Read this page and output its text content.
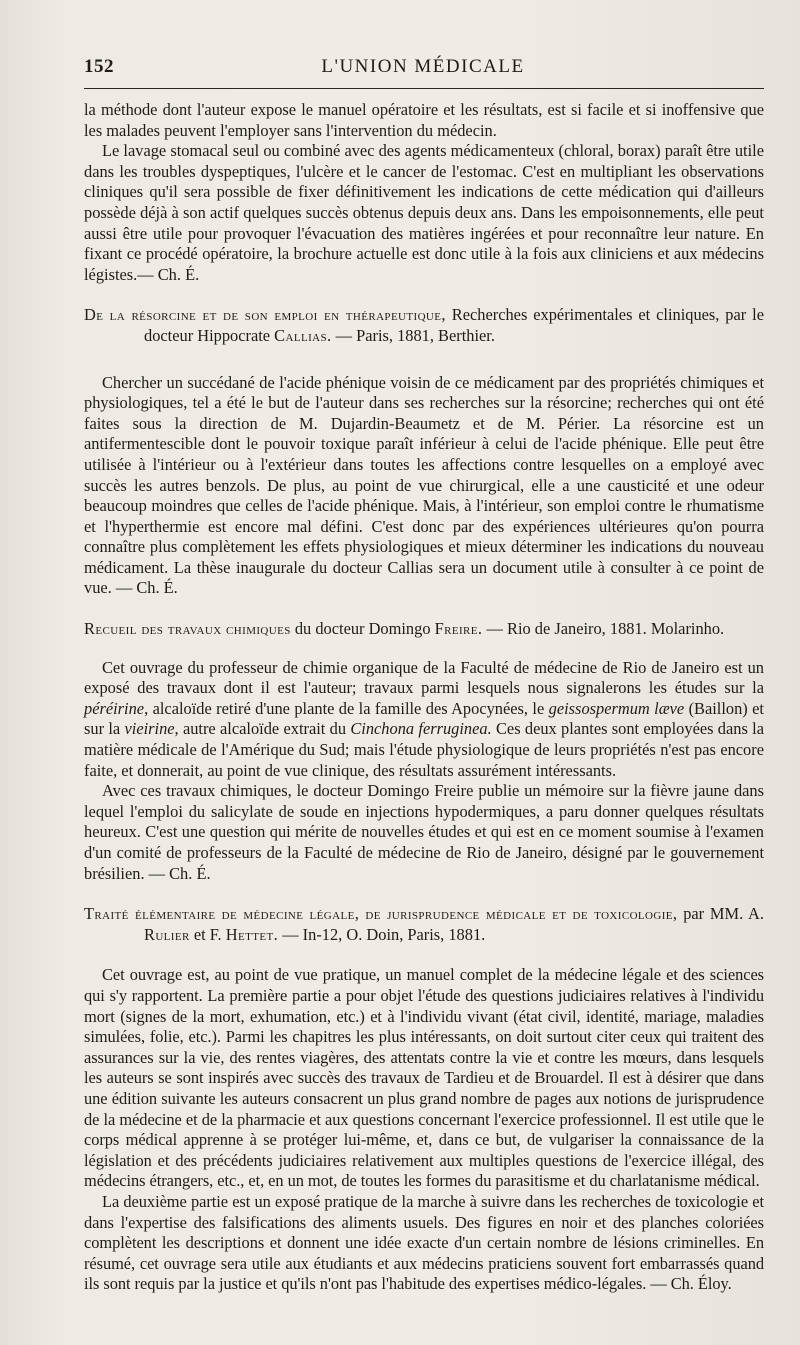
152	L'UNION MÉDICALE

la méthode dont l'auteur expose le manuel opératoire et les résultats, est si facile et si inoffensive que les malades peuvent l'employer sans l'intervention du médecin.

Le lavage stomacal seul ou combiné avec des agents médicamenteux (chloral, borax) paraît être utile dans les troubles dyspeptiques, l'ulcère et le cancer de l'estomac. C'est en multipliant les observations cliniques qu'il sera possible de fixer définitivement les indications de cette médication qui d'ailleurs possède déjà à son actif quelques succès obtenus depuis deux ans. Dans les empoisonnements, elle peut aussi être utile pour provoquer l'évacuation des matières ingérées et pour reconnaître leur nature. En fixant ce procédé opératoire, la brochure actuelle est donc utile à la fois aux cliniciens et aux médecins légistes.— Ch. É.

De la résorcine et de son emploi en thérapeutique, Recherches expérimentales et cliniques, par le docteur Hippocrate Callias. — Paris, 1881, Berthier.

Chercher un succédané de l'acide phénique voisin de ce médicament par des propriétés chimiques et physiologiques, tel a été le but de l'auteur dans ses recherches sur la résorcine; recherches qui ont été faites sous la direction de M. Dujardin-Beaumetz et de M. Périer. La résorcine est un antifermentescible dont le pouvoir toxique paraît inférieur à celui de l'acide phénique. Elle peut être utilisée à l'intérieur ou à l'extérieur dans toutes les affections contre lesquelles on a employé avec succès les autres benzols. De plus, au point de vue chirurgical, elle a une causticité et une odeur beaucoup moindres que celles de l'acide phénique. Mais, à l'intérieur, son emploi contre le rhumatisme et l'hyperthermie est encore mal défini. C'est donc par des expériences ultérieures qu'on pourra connaître plus complètement les effets physiologiques et mieux déterminer les indications du nouveau médicament. La thèse inaugurale du docteur Callias sera un document utile à consulter à ce point de vue. — Ch. É.

Recueil des travaux chimiques du docteur Domingo Freire. — Rio de Janeiro, 1881. Molarinho.

Cet ouvrage du professeur de chimie organique de la Faculté de médecine de Rio de Janeiro est un exposé des travaux dont il est l'auteur; travaux parmi lesquels nous signalerons les études sur la péréirine, alcaloïde retiré d'une plante de la famille des Apocynées, le geissospermum læve (Baillon) et sur la vieirine, autre alcaloïde extrait du Cinchona ferruginea. Ces deux plantes sont employées dans la matière médicale de l'Amérique du Sud; mais l'étude physiologique de leurs propriétés n'est pas encore faite, et donnerait, au point de vue clinique, des résultats assurément intéressants.

Avec ces travaux chimiques, le docteur Domingo Freire publie un mémoire sur la fièvre jaune dans lequel l'emploi du salicylate de soude en injections hypodermiques, a paru donner quelques résultats heureux. C'est une question qui mérite de nouvelles études et qui est en ce moment soumise à l'examen d'un comité de professeurs de la Faculté de médecine de Rio de Janeiro, désigné par le gouvernement brésilien. — Ch. É.

Traité élémentaire de médecine légale, de jurisprudence médicale et de toxicologie, par MM. A. Rulier et F. Hettet. — In-12, O. Doin, Paris, 1881.

Cet ouvrage est, au point de vue pratique, un manuel complet de la médecine légale et des sciences qui s'y rapportent. La première partie a pour objet l'étude des questions judiciaires relatives à l'individu mort (signes de la mort, exhumation, etc.) et à l'individu vivant (état civil, identité, mariage, maladies simulées, folie, etc.). Parmi les chapitres les plus intéressants, on doit surtout citer ceux qui traitent des assurances sur la vie, des rentes viagères, des attentats contre la vie et contre les mœurs, dans lesquels les auteurs se sont inspirés avec succès des travaux de Tardieu et de Brouardel. Il est à désirer que dans une édition suivante les auteurs consacrent un plus grand nombre de pages aux notions de jurisprudence de la médecine et de la pharmacie et aux questions concernant l'exercice professionnel. Il est utile que le corps médical apprenne à se protéger lui-même, et, dans ce but, de vulgariser la connaissance de la législation et des précédents judiciaires relativement aux multiples questions de l'exercice illégal, des médecins étrangers, etc., et, en un mot, de toutes les formes du parasitisme et du charlatanisme médical.

La deuxième partie est un exposé pratique de la marche à suivre dans les recherches de toxicologie et dans l'expertise des falsifications des aliments usuels. Des figures en noir et des planches coloriées complètent les descriptions et donnent une idée exacte d'un certain nombre de lésions criminelles. En résumé, cet ouvrage sera utile aux étudiants et aux médecins praticiens souvent fort embarrassés quand ils sont requis par la justice et qu'ils n'ont pas l'habitude des expertises médico-légales. — Ch. Éloy.
